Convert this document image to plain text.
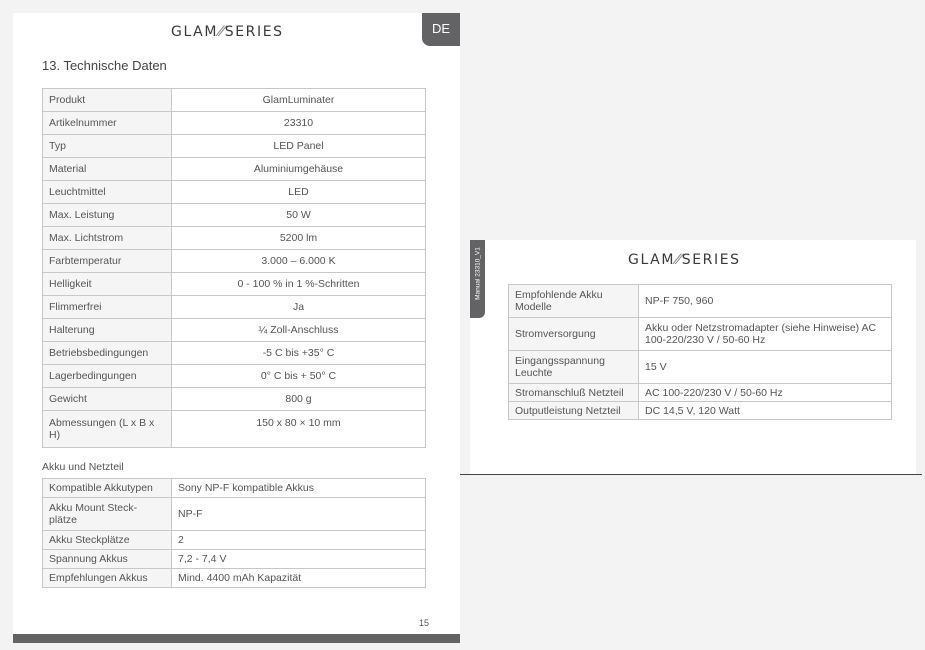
GLAM⁄⁄SERIES	DE
13. Technische Daten
Produkt	GlamLuminater
Artikelnummer	23310
Typ	LED Panel
Material	Aluminiumgehäuse
Leuchtmittel	LED
Max. Leistung	50 W
Max. Lichtstrom	5200 lm
Farbtemperatur	3.000 – 6.000 K
Helligkeit	0 - 100 % in 1 %-Schritten
Flimmerfrei	Ja
Halterung	¼ Zoll-Anschluss
Betriebsbedingungen	-5 C bis +35° C
Lagerbedingungen	0° C bis + 50° C
Gewicht	800 g
Abmessungen (L x B x H)	150 x 80 × 10 mm
Akku und Netzteil
Kompatible Akkutypen	Sony NP-F kompatible Akkus
Akku Mount Steck-plätze	NP-F
Akku Steckplätze	2
Spannung Akkus	7,2 - 7,4 V
Empfehlungen Akkus	Mind. 4400 mAh Kapazität
15
Manual 23310_V1	GLAM⁄⁄SERIES
Empfohlende Akku Modelle	NP-F 750, 960
Stromversorgung	Akku oder Netzstromadapter (siehe Hinweise) AC 100-220/230 V / 50-60 Hz
Eingangsspannung Leuchte	15 V
Stromanschluß Netzteil	AC 100-220/230 V / 50-60 Hz
Outputleistung Netzteil	DC 14,5 V, 120 Watt
